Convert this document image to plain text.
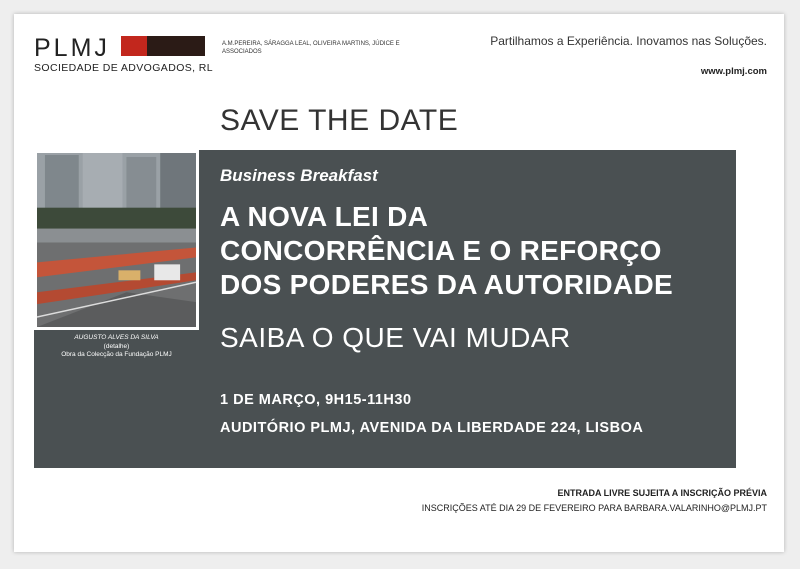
PLMJ
SOCIEDADE DE ADVOGADOS, RL
A.M.PEREIRA, SÁRAGGA LEAL, OLIVEIRA MARTINS, JÚDICE E ASSOCIADOS
Partilhamos a Experiência. Inovamos nas Soluções.
www.plmj.com
SAVE THE DATE
AUGUSTO ALVES DA SILVA
(detalhe)
Obra da Colecção da Fundação PLMJ
Business Breakfast
A NOVA LEI DA
CONCORRÊNCIA E O REFORÇO
DOS PODERES DA AUTORIDADE
SAIBA O QUE VAI MUDAR
1 DE MARÇO, 9H15-11H30
AUDITÓRIO PLMJ, AVENIDA DA LIBERDADE 224, LISBOA
ENTRADA LIVRE SUJEITA A INSCRIÇÃO PRÉVIA
INSCRIÇÕES ATÉ DIA 29 DE FEVEREIRO PARA BARBARA.VALARINHO@PLMJ.PT
